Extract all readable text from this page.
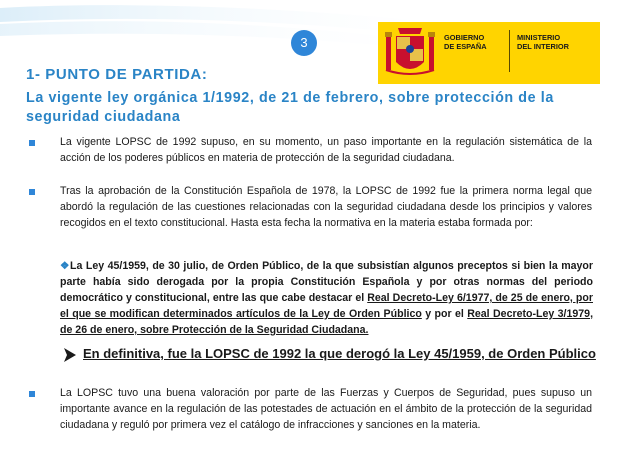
3	GOBIERNO
DE ESPAÑA
MINISTERIO
DEL INTERIOR
1- PUNTO DE PARTIDA:
La vigente ley orgánica 1/1992, de 21 de febrero, sobre protección de la seguridad ciudadana
La vigente LOPSC de 1992 supuso, en su momento, un paso importante en la regulación sistemática de la acción de los poderes públicos en materia de protección de la seguridad ciudadana.
Tras la aprobación de la Constitución Española de 1978, la LOPSC de 1992 fue la primera norma legal que abordó la regulación de las cuestiones relacionadas con la seguridad ciudadana desde los principios y valores recogidos en el texto constitucional. Hasta esta fecha la normativa en la materia estaba formada por:
❖La Ley 45/1959, de 30 julio, de Orden Público, de la que subsistían algunos preceptos si bien la mayor parte había sido derogada por la propia Constitución Española y por otras normas del periodo democrático y constitucional, entre las que cabe destacar el Real Decreto-Ley 6/1977, de 25 de enero, por el que se modifican determinados artículos de la Ley de Orden Público y por el Real Decreto-Ley 3/1979, de 26 de enero, sobre Protección de la Seguridad Ciudadana.
En definitiva, fue la LOPSC de 1992 la que derogó la Ley 45/1959, de Orden Público
La LOPSC tuvo una buena valoración por parte de las Fuerzas y Cuerpos de Seguridad, pues supuso un importante avance en la regulación de las potestades de actuación en el ámbito de la protección de la seguridad ciudadana y reguló por primera vez el catálogo de infracciones y sanciones en la materia.
